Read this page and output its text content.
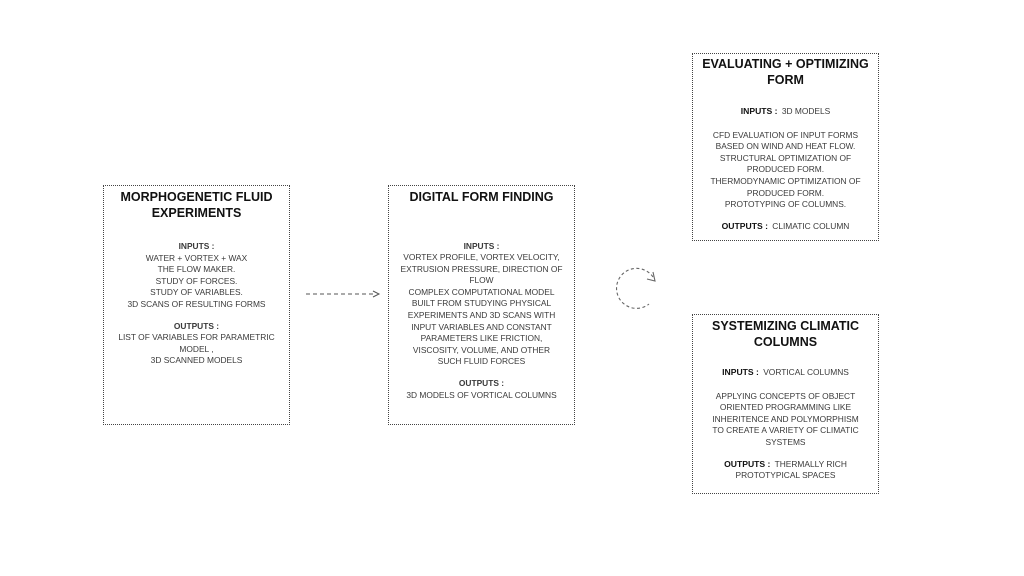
MORPHOGENETIC FLUID

EXPERIMENTS

INPUTS :

WATER + VORTEX + WAX

THE FLOW MAKER.

STUDY OF FORCES.

STUDY OF VARIABLES.

3D SCANS OF RESULTING FORMS

OUTPUTS :

LIST OF VARIABLES FOR PARAMETRIC

MODEL ,

3D SCANNED MODELS

DIGITAL FORM FINDING

INPUTS :

VORTEX PROFILE, VORTEX VELOCITY,

EXTRUSION PRESSURE, DIRECTION OF

FLOW

COMPLEX COMPUTATIONAL MODEL

BUILT FROM STUDYING PHYSICAL

EXPERIMENTS AND 3D SCANS WITH

INPUT VARIABLES AND CONSTANT

PARAMETERS LIKE FRICTION,

VISCOSITY, VOLUME, AND OTHER

SUCH FLUID FORCES

OUTPUTS :

3D MODELS OF VORTICAL COLUMNS

EVALUATING + OPTIMIZING

FORM

INPUTS : 3D MODELS

CFD EVALUATION OF INPUT FORMS

BASED ON WIND AND HEAT FLOW.

STRUCTURAL OPTIMIZATION OF

PRODUCED FORM.

THERMODYNAMIC OPTIMIZATION OF

PRODUCED FORM.

PROTOTYPING OF COLUMNS.

OUTPUTS : CLIMATIC COLUMN

SYSTEMIZING CLIMATIC

COLUMNS

INPUTS : VORTICAL COLUMNS

APPLYING CONCEPTS OF OBJECT

ORIENTED PROGRAMMING LIKE

INHERITENCE AND POLYMORPHISM

TO CREATE A VARIETY OF CLIMATIC

SYSTEMS

OUTPUTS : THERMALLY RICH

PROTOTYPICAL SPACES
